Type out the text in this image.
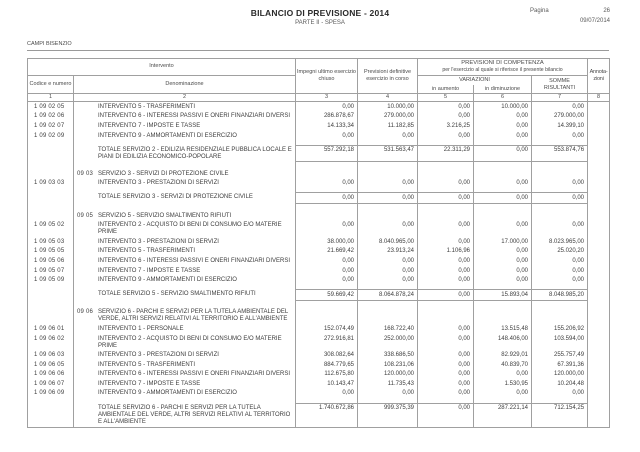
BILANCIO DI PREVISIONE - 2014
PARTE II - SPESA
Pagina	26
09/07/2014
CAMPI BISENZIO
Intervento		Impegni ultimo esercizio chiuso	Previsioni definitive esercizio in corso	PREVISIONI DI COMPETENZA
per l'esercizio al quale si riferisce il presente bilancio			Annota-zioni
Codice e numero	Denominazione			VARIAZIONI		SOMME RISULTANTI	
				in aumento	in diminuzione		
1	2	3	4	5	6	7	8
1 09 02 05	INTERVENTO 5 - TRASFERIMENTI	0,00	10.000,00	0,00	10.000,00	0,00	
1 09 02 06	INTERVENTO 6 - INTERESSI PASSIVI E ONERI FINANZIARI DIVERSI	286.878,67	279.000,00	0,00	0,00	279.000,00	
1 09 02 07	INTERVENTO 7 - IMPOSTE E TASSE	14.133,34	11.182,85	3.216,25	0,00	14.399,10	
1 09 02 09	INTERVENTO 9 - AMMORTAMENTI DI ESERCIZIO	0,00	0,00	0,00	0,00	0,00	

	TOTALE SERVIZIO 2 - EDILIZIA RESIDENZIALE PUBBLICA LOCALE E PIANI DI EDILIZIA ECONOMICO-POPOLARE	557.292,18	531.563,47	22.311,29	0,00	553.874,76	

	09 03 SERVIZIO 3 - SERVIZI DI PROTEZIONE CIVILE						

1 09 03 03	INTERVENTO 3 - PRESTAZIONI DI SERVIZI	0,00	0,00	0,00	0,00	0,00	

	TOTALE SERVIZIO 3 - SERVIZI DI PROTEZIONE CIVILE	0,00	0,00	0,00	0,00	0,00	

	09 05 SERVIZIO 5 - SERVIZIO SMALTIMENTO RIFIUTI						

1 09 05 02	INTERVENTO 2 - ACQUISTO DI BENI DI CONSUMO E/O MATERIE PRIME	0,00	0,00	0,00	0,00	0,00	
1 09 05 03	INTERVENTO 3 - PRESTAZIONI DI SERVIZI	38.000,00	8.040.965,00	0,00	17.000,00	8.023.965,00	
1 09 05 05	INTERVENTO 5 - TRASFERIMENTI	21.669,42	23.913,24	1.106,96	0,00	25.020,20	
1 09 05 06	INTERVENTO 6 - INTERESSI PASSIVI E ONERI FINANZIARI DIVERSI	0,00	0,00	0,00	0,00	0,00	
1 09 05 07	INTERVENTO 7 - IMPOSTE E TASSE	0,00	0,00	0,00	0,00	0,00	
1 09 05 09	INTERVENTO 9 - AMMORTAMENTI DI ESERCIZIO	0,00	0,00	0,00	0,00	0,00	

	TOTALE SERVIZIO 5 - SERVIZIO SMALTIMENTO RIFIUTI	59.669,42	8.064.878,24	0,00	15.893,04	8.048.985,20	

	09 06 SERVIZIO 6 - PARCHI E SERVIZI PER LA TUTELA AMBIENTALE DEL VERDE, ALTRI SERVIZI RELATIVI AL TERRITORIO E ALL'AMBIENTE						

1 09 06 01	INTERVENTO 1 - PERSONALE	152.074,49	168.722,40	0,00	13.515,48	155.206,92	
1 09 06 02	INTERVENTO 2 - ACQUISTO DI BENI DI CONSUMO E/O MATERIE PRIME	272.916,81	252.000,00	0,00	148.406,00	103.594,00	
1 09 06 03	INTERVENTO 3 - PRESTAZIONI DI SERVIZI	308.082,64	338.686,50	0,00	82.929,01	255.757,49	
1 09 06 05	INTERVENTO 5 - TRASFERIMENTI	884.779,65	108.231,06	0,00	40.839,70	67.391,36	
1 09 06 06	INTERVENTO 6 - INTERESSI PASSIVI E ONERI FINANZIARI DIVERSI	112.675,80	120.000,00	0,00	0,00	120.000,00	
1 09 06 07	INTERVENTO 7 - IMPOSTE E TASSE	10.143,47	11.735,43	0,00	1.530,95	10.204,48	
1 09 06 09	INTERVENTO 9 - AMMORTAMENTI DI ESERCIZIO	0,00	0,00	0,00	0,00	0,00	

	TOTALE SERVIZIO 6 - PARCHI E SERVIZI PER LA TUTELA AMBIENTALE DEL VERDE, ALTRI SERVIZI RELATIVI AL TERRITORIO E ALL'AMBIENTE	1.740.672,86	999.375,39	0,00	287.221,14	712.154,25	
